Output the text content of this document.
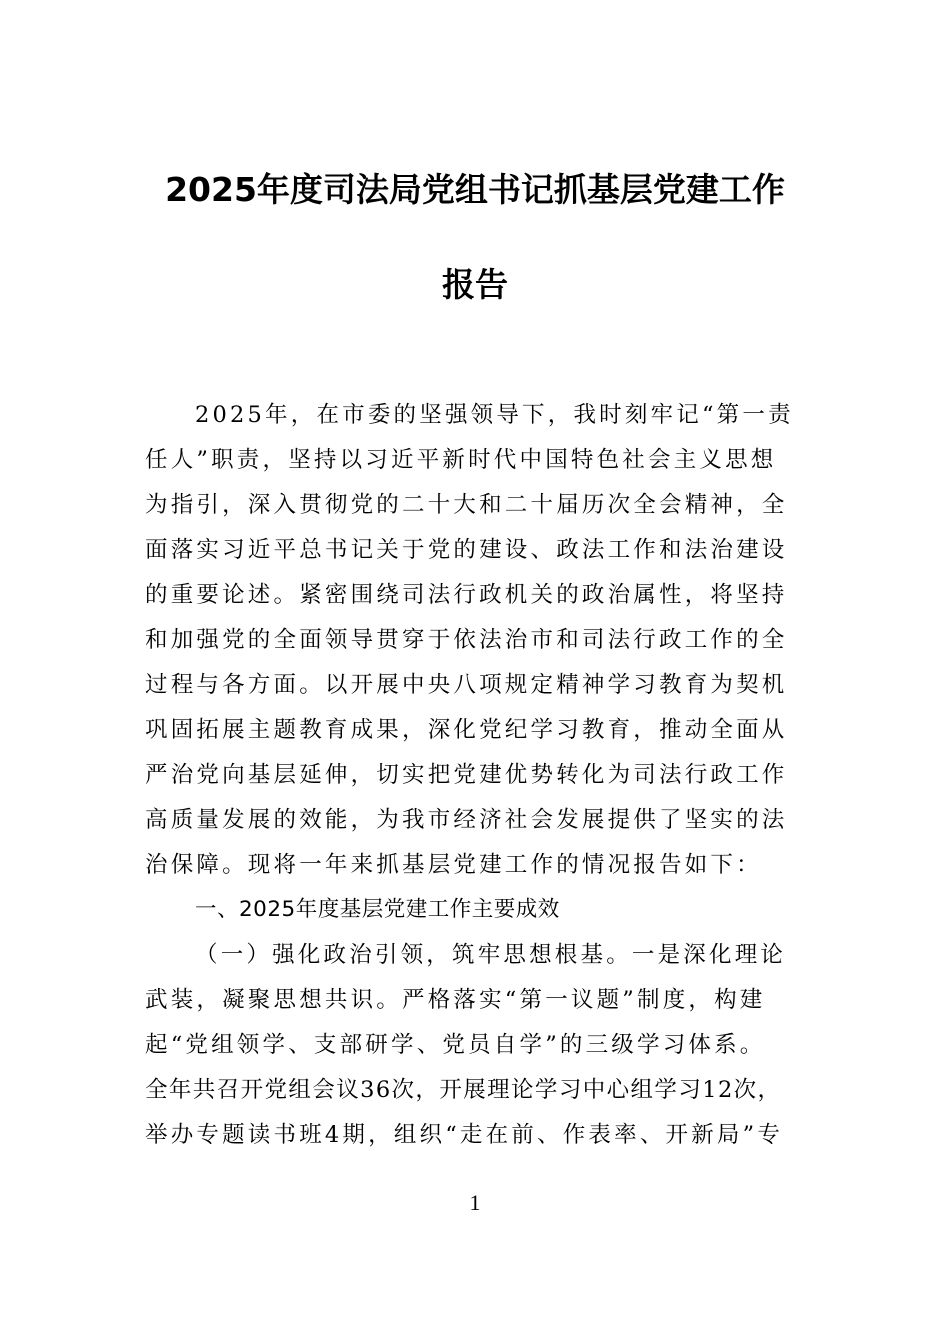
2025年度司法局党组书记抓基层党建工作
报告
2025年，在市委的坚强领导下，我时刻牢记“第一责
任人”职责，坚持以习近平新时代中国特色社会主义思想
为指引，深入贯彻党的二十大和二十届历次全会精神，全
面落实习近平总书记关于党的建设、政法工作和法治建设
的重要论述。紧密围绕司法行政机关的政治属性，将坚持
和加强党的全面领导贯穿于依法治市和司法行政工作的全
过程与各方面。以开展中央八项规定精神学习教育为契机
巩固拓展主题教育成果，深化党纪学习教育，推动全面从
严治党向基层延伸，切实把党建优势转化为司法行政工作
高质量发展的效能，为我市经济社会发展提供了坚实的法
治保障。现将一年来抓基层党建工作的情况报告如下：
一、2025年度基层党建工作主要成效
（一）强化政治引领，筑牢思想根基。一是深化理论
武装，凝聚思想共识。严格落实“第一议题”制度，构建
起“党组领学、支部研学、党员自学”的三级学习体系。
全年共召开党组会议36次，开展理论学习中心组学习12次，
举办专题读书班4期，组织“走在前、作表率、开新局”专
1
